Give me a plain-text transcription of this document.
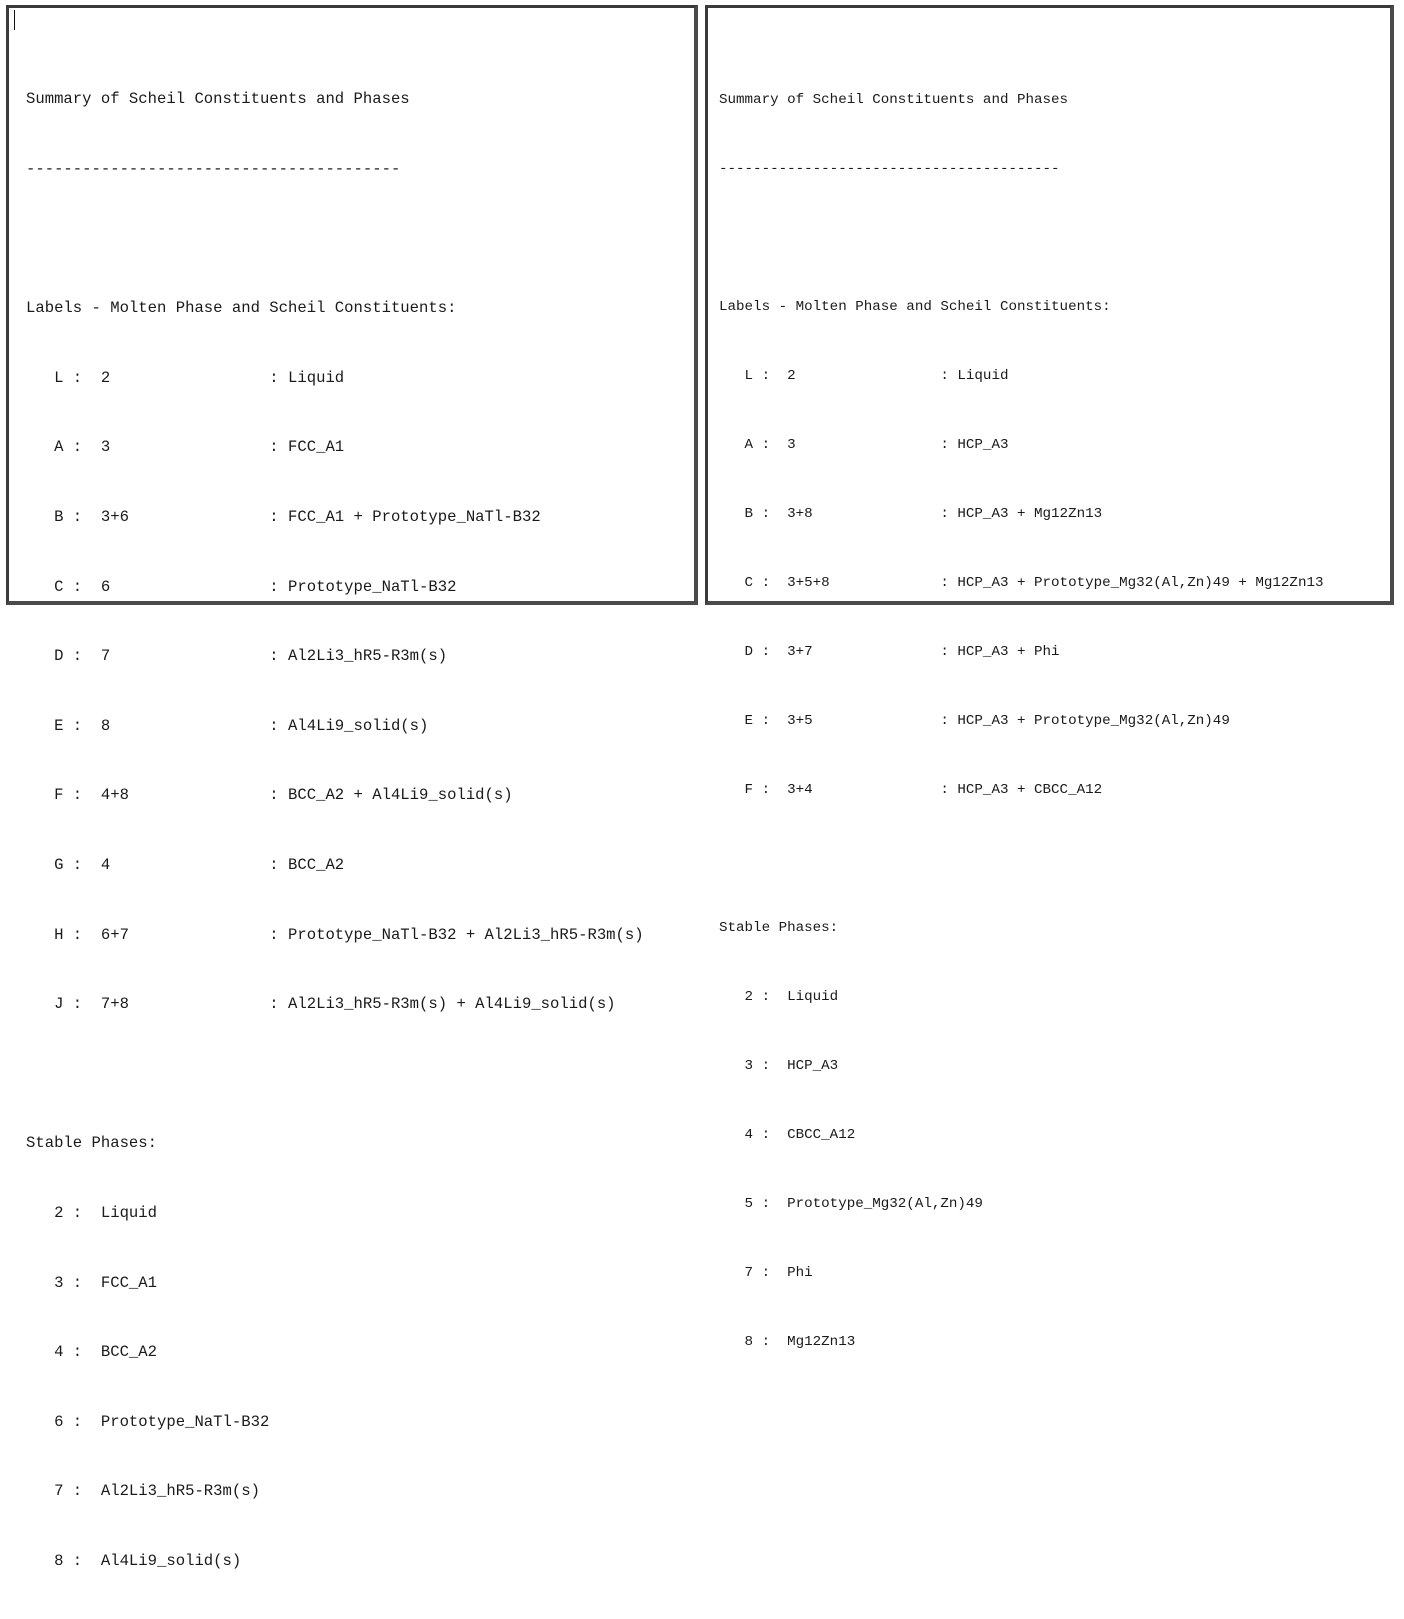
Summary of Scheil Constituents and Phases

----------------------------------------

Labels - Molten Phase and Scheil Constituents:

L :  2                 : Liquid

A :  3                 : FCC_A1

B :  3+6               : FCC_A1 + Prototype_NaTl-B32

C :  6                 : Prototype_NaTl-B32

D :  7                 : Al2Li3_hR5-R3m(s)

E :  8                 : Al4Li9_solid(s)

F :  4+8               : BCC_A2 + Al4Li9_solid(s)

G :  4                 : BCC_A2

H :  6+7               : Prototype_NaTl-B32 + Al2Li3_hR5-R3m(s)

J :  7+8               : Al2Li3_hR5-R3m(s) + Al4Li9_solid(s)

Stable Phases:

2 :  Liquid

3 :  FCC_A1

4 :  BCC_A2

6 :  Prototype_NaTl-B32

7 :  Al2Li3_hR5-R3m(s)

8 :  Al4Li9_solid(s)

Summary of Scheil Constituents and Phases

----------------------------------------

Labels - Molten Phase and Scheil Constituents:

L :  2                 : Liquid

A :  3                 : HCP_A3

B :  3+8               : HCP_A3 + Mg12Zn13

C :  3+5+8             : HCP_A3 + Prototype_Mg32(Al,Zn)49 + Mg12Zn13

D :  3+7               : HCP_A3 + Phi

E :  3+5               : HCP_A3 + Prototype_Mg32(Al,Zn)49

F :  3+4               : HCP_A3 + CBCC_A12

Stable Phases:

2 :  Liquid

3 :  HCP_A3

4 :  CBCC_A12

5 :  Prototype_Mg32(Al,Zn)49

7 :  Phi

8 :  Mg12Zn13
